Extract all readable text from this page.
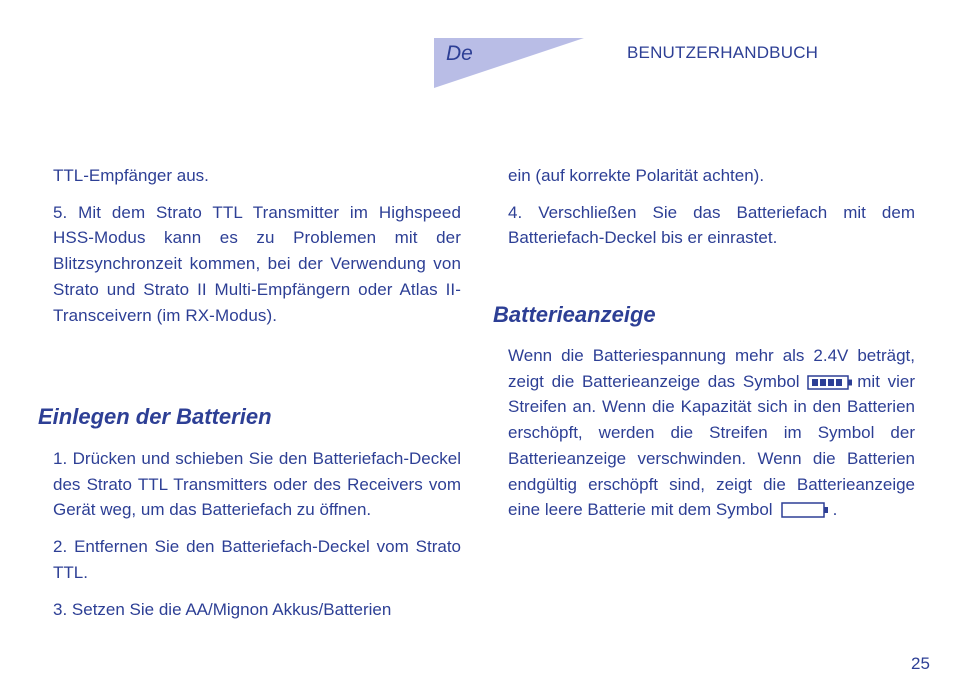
De	BENUTZERHANDBUCH

TTL-Empfänger aus.

5. Mit dem Strato TTL Transmitter im Highspeed HSS-Modus kann es zu Problemen mit der Blitzsynchronzeit kommen, bei der Verwendung von Strato und Strato II Multi-Empfängern oder Atlas II-Transceivern (im RX-Modus).

Einlegen der Batterien

1. Drücken und schieben Sie den Batteriefach-Deckel des Strato TTL Transmitters oder des Receivers vom Gerät weg, um das Batteriefach zu öffnen.

2. Entfernen Sie den Batteriefach-Deckel vom Strato TTL.

3. Setzen Sie die AA/Mignon Akkus/Batterien

ein (auf korrekte Polarität achten).

4. Verschließen Sie das Batteriefach mit dem Batteriefach-Deckel bis er einrastet.

Batterieanzeige

Wenn die Batteriespannung mehr als 2.4V beträgt, zeigt die Batterieanzeige das Symbol	mit vier Streifen an. Wenn die Kapazität sich in den Batterien erschöpft, werden die Streifen im Symbol der Batterieanzeige verschwinden. Wenn die Batterien endgültig erschöpft sind, zeigt die Batterieanzeige eine leere Batterie mit dem Symbol	.

25
